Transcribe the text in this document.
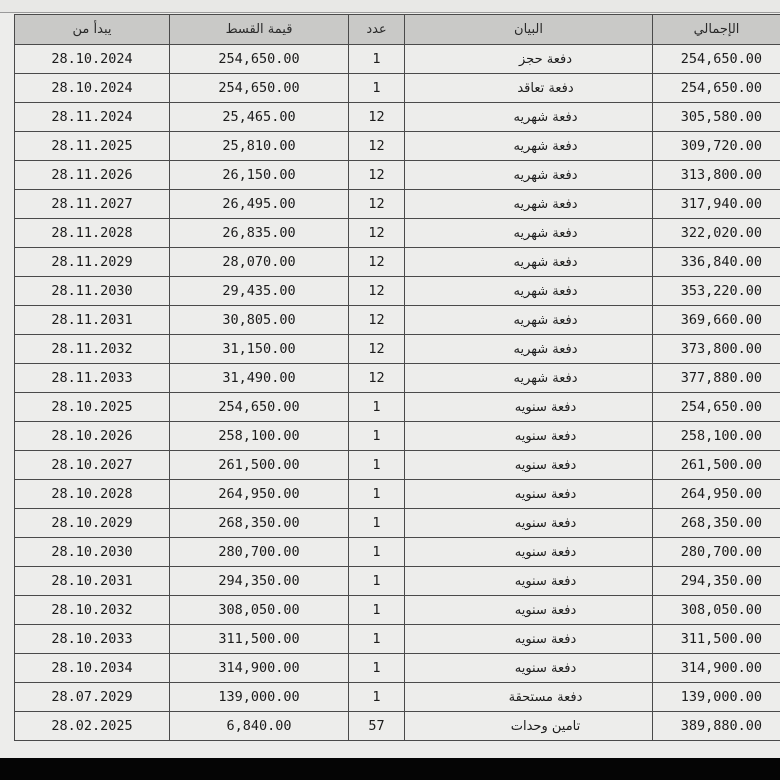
يبدأ من	قيمة القسط	عدد	البيان	الإجمالي
28.10.2024	254,650.00	1	دفعة حجز	254,650.00
28.10.2024	254,650.00	1	دفعة تعاقد	254,650.00
28.11.2024	25,465.00	12	دفعة شهريه	305,580.00
28.11.2025	25,810.00	12	دفعة شهريه	309,720.00
28.11.2026	26,150.00	12	دفعة شهريه	313,800.00
28.11.2027	26,495.00	12	دفعة شهريه	317,940.00
28.11.2028	26,835.00	12	دفعة شهريه	322,020.00
28.11.2029	28,070.00	12	دفعة شهريه	336,840.00
28.11.2030	29,435.00	12	دفعة شهريه	353,220.00
28.11.2031	30,805.00	12	دفعة شهريه	369,660.00
28.11.2032	31,150.00	12	دفعة شهريه	373,800.00
28.11.2033	31,490.00	12	دفعة شهريه	377,880.00
28.10.2025	254,650.00	1	دفعة سنويه	254,650.00
28.10.2026	258,100.00	1	دفعة سنويه	258,100.00
28.10.2027	261,500.00	1	دفعة سنويه	261,500.00
28.10.2028	264,950.00	1	دفعة سنويه	264,950.00
28.10.2029	268,350.00	1	دفعة سنويه	268,350.00
28.10.2030	280,700.00	1	دفعة سنويه	280,700.00
28.10.2031	294,350.00	1	دفعة سنويه	294,350.00
28.10.2032	308,050.00	1	دفعة سنويه	308,050.00
28.10.2033	311,500.00	1	دفعة سنويه	311,500.00
28.10.2034	314,900.00	1	دفعة سنويه	314,900.00
28.07.2029	139,000.00	1	دفعة مستحقة	139,000.00
28.02.2025	6,840.00	57	تامين وحدات	389,880.00
